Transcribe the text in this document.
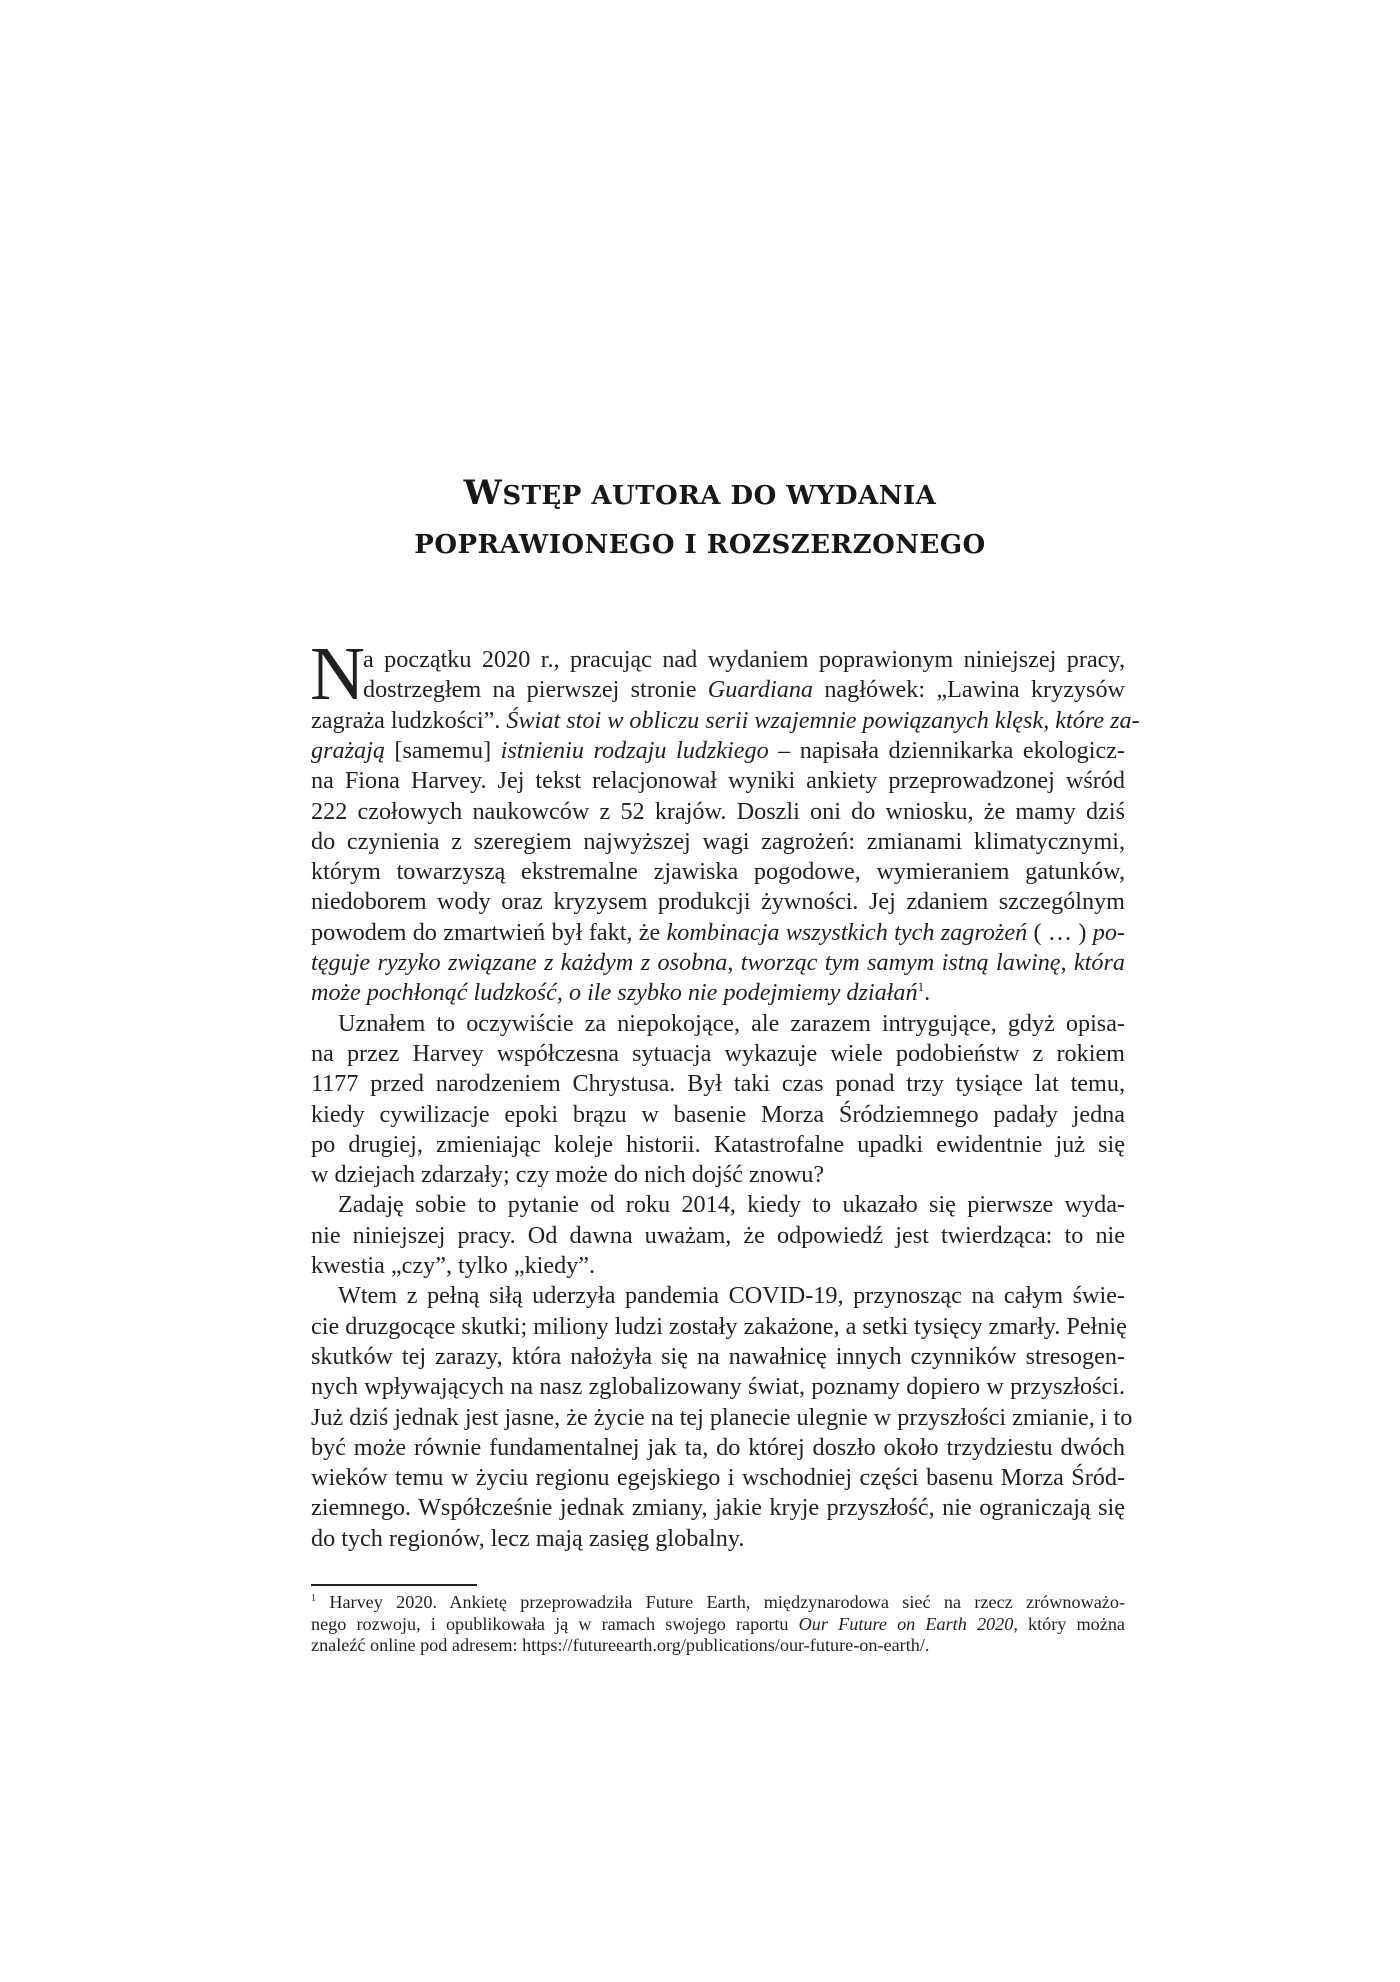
WSTĘP AUTORA DO WYDANIA
POPRAWIONEGO I ROZSZERZONEGO
N
a początku 2020 r., pracując nad wydaniem poprawionym niniejszej pracy,
dostrzegłem na pierwszej stronie Guardiana nagłówek: „Lawina kryzysów
zagraża ludzkości”. Świat stoi w obliczu serii wzajemnie powiązanych klęsk, które za-
grażają [samemu] istnieniu rodzaju ludzkiego – napisała dziennikarka ekologicz-
na Fiona Harvey. Jej tekst relacjonował wyniki ankiety przeprowadzonej wśród
222 czołowych naukowców z 52 krajów. Doszli oni do wniosku, że mamy dziś
do czynienia z szeregiem najwyższej wagi zagrożeń: zmianami klimatycznymi,
którym towarzyszą ekstremalne zjawiska pogodowe, wymieraniem gatunków,
niedoborem wody oraz kryzysem produkcji żywności. Jej zdaniem szczególnym
powodem do zmartwień był fakt, że kombinacja wszystkich tych zagrożeń ( … ) po-
tęguje ryzyko związane z każdym z osobna, tworząc tym samym istną lawinę, która
może pochłonąć ludzkość, o ile szybko nie podejmiemy działań$^1$.
Uznałem to oczywiście za niepokojące, ale zarazem intrygujące, gdyż opisa-
na przez Harvey współczesna sytuacja wykazuje wiele podobieństw z rokiem
1177 przed narodzeniem Chrystusa. Był taki czas ponad trzy tysiące lat temu,
kiedy cywilizacje epoki brązu w basenie Morza Śródziemnego padały jedna
po drugiej, zmieniając koleje historii. Katastrofalne upadki ewidentnie już się
w dziejach zdarzały; czy może do nich dojść znowu?
Zadaję sobie to pytanie od roku 2014, kiedy to ukazało się pierwsze wyda-
nie niniejszej pracy. Od dawna uważam, że odpowiedź jest twierdząca: to nie
kwestia „czy”, tylko „kiedy”.
Wtem z pełną siłą uderzyła pandemia COVID-19, przynosząc na całym świe-
cie druzgocące skutki; miliony ludzi zostały zakażone, a setki tysięcy zmarły. Pełnię
skutków tej zarazy, która nałożyła się na nawałnicę innych czynników stresogen-
nych wpływających na nasz zglobalizowany świat, poznamy dopiero w przyszłości.
Już dziś jednak jest jasne, że życie na tej planecie ulegnie w przyszłości zmianie, i to
być może równie fundamentalnej jak ta, do której doszło około trzydziestu dwóch
wieków temu w życiu regionu egejskiego i wschodniej części basenu Morza Śród-
ziemnego. Współcześnie jednak zmiany, jakie kryje przyszłość, nie ograniczają się
do tych regionów, lecz mają zasięg globalny.
$^1$ Harvey 2020. Ankietę przeprowadziła Future Earth, międzynarodowa sieć na rzecz zrównoważo-
nego rozwoju, i opublikowała ją w ramach swojego raportu Our Future on Earth 2020, który można
znaleźć online pod adresem: https://futureearth.org/publications/our-future-on-earth/.
